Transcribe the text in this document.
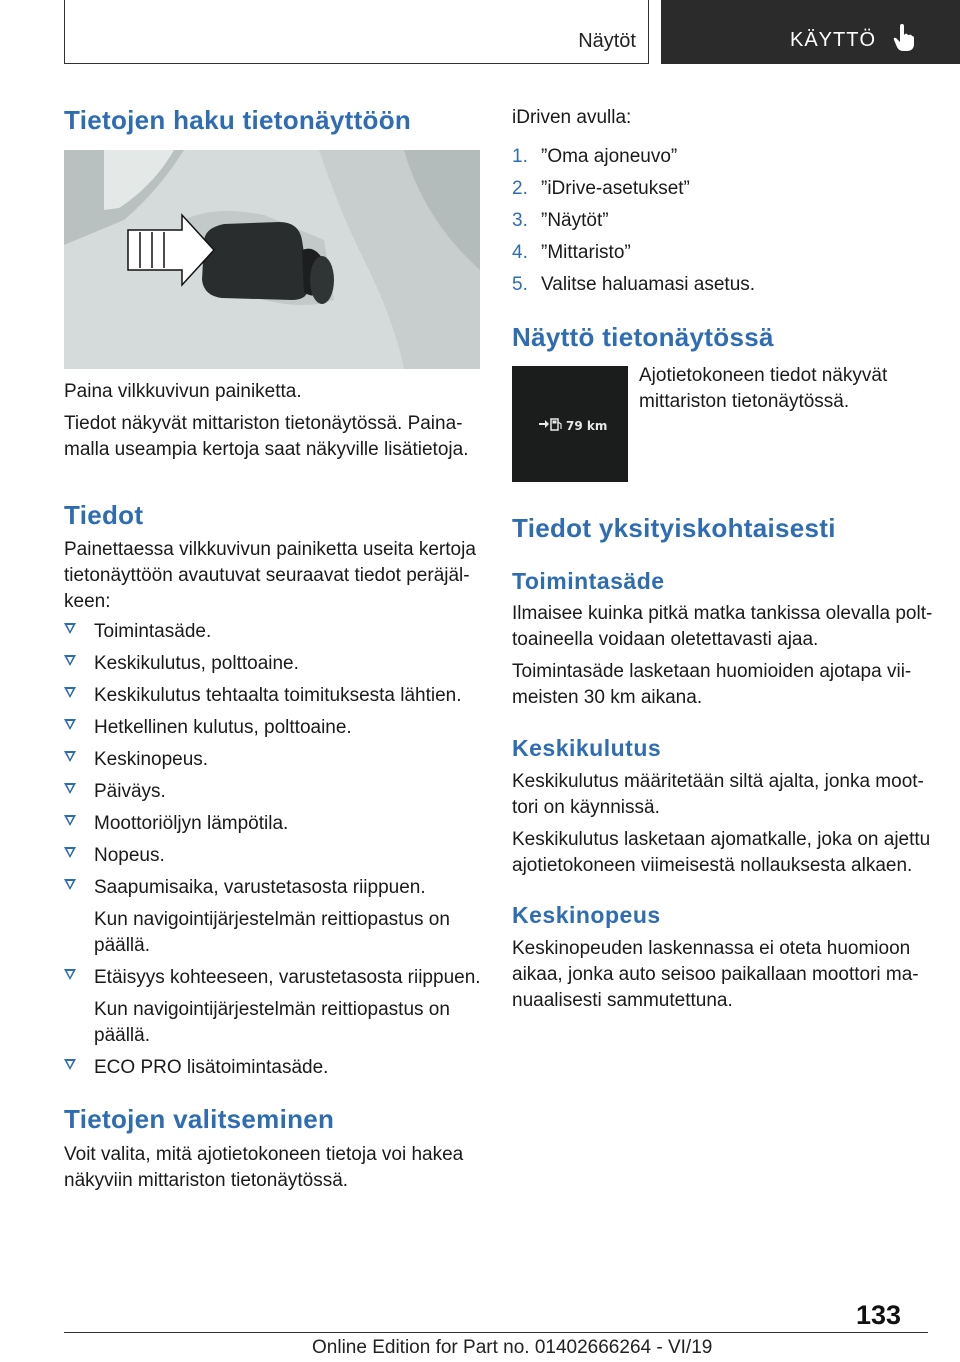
Näytöt	KÄYTTÖ
Tietojen haku tietonäyttöön

Paina vilkkuvivun painiketta.

Tiedot näkyvät mittariston tietonäytössä. Paina-

malla useampia kertoja saat näkyville lisätietoja.

Tiedot

Painettaessa vilkkuvivun painiketta useita kertoja

tietonäyttöön avautuvat seuraavat tiedot peräjäl-

keen:

Toimintasäde.
Keskikulutus, polttoaine.
Keskikulutus tehtaalta toimituksesta lähtien.
Hetkellinen kulutus, polttoaine.
Keskinopeus.
Päiväys.
Moottoriöljyn lämpötila.
Nopeus.
Saapumisaika, varustetasosta riippuen.

Kun navigointijärjestelmän reittiopastus on

päällä.

Etäisyys kohteeseen, varustetasosta riippuen.

Kun navigointijärjestelmän reittiopastus on

päällä.

ECO PRO lisätoimintasäde.
Tietojen valitseminen

Voit valita, mitä ajotietokoneen tietoja voi hakea

näkyviin mittariston tietonäytössä.

iDriven avulla:

1. ”Oma ajoneuvo”
2. ”iDrive-asetukset”
3. ”Näytöt”
4. ”Mittaristo”
5. Valitse haluamasi asetus.
Näyttö tietonäytössä
79 km

Ajotietokoneen tiedot näkyvät

mittariston tietonäytössä.

Tiedot yksityiskohtaisesti
Toimintasäde

Ilmaisee kuinka pitkä matka tankissa olevalla polt-

toaineella voidaan oletettavasti ajaa.

Toimintasäde lasketaan huomioiden ajotapa vii-

meisten 30 km aikana.

Keskikulutus

Keskikulutus määritetään siltä ajalta, jonka moot-

tori on käynnissä.

Keskikulutus lasketaan ajomatkalle, joka on ajettu

ajotietokoneen viimeisestä nollauksesta alkaen.

Keskinopeus

Keskinopeuden laskennassa ei oteta huomioon

aikaa, jonka auto seisoo paikallaan moottori ma-

nuaalisesti sammutettuna.

133
Online Edition for Part no. 01402666264 - VI/19
